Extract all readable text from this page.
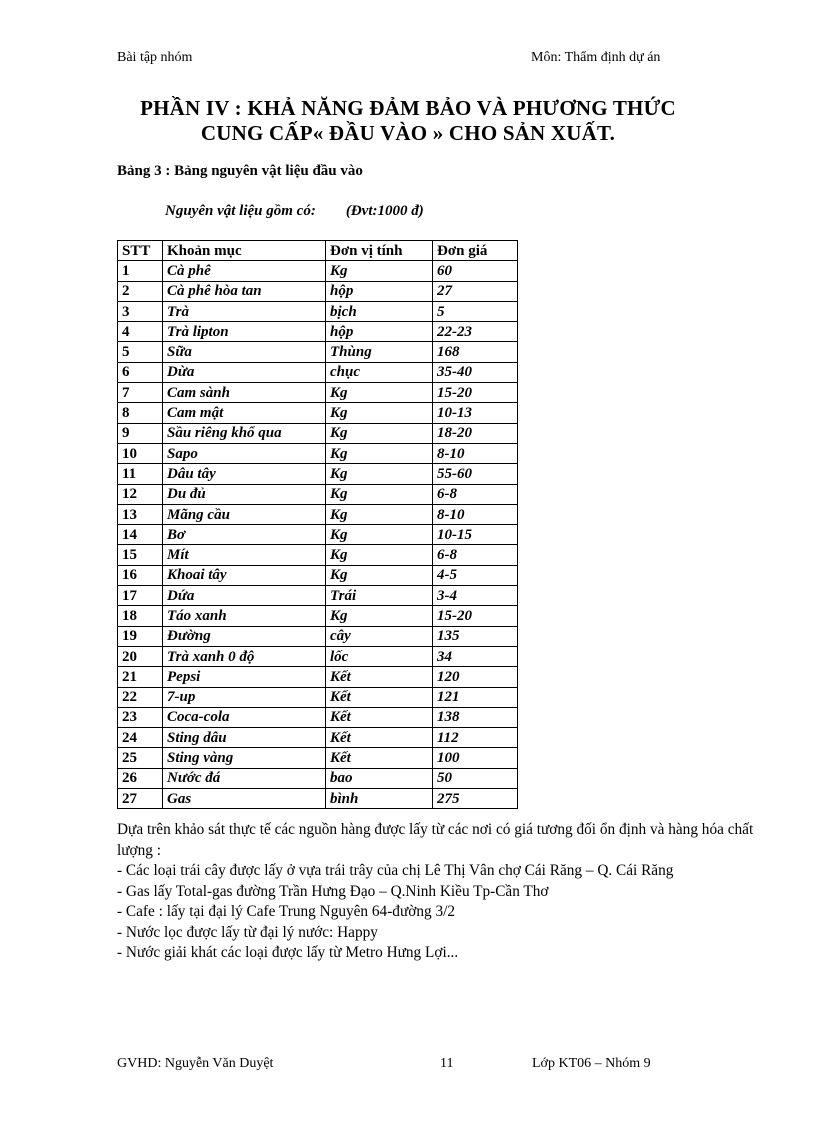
Bài tập nhóm	Môn: Thẩm định dự án
PHẦN IV : KHẢ NĂNG ĐẢM BẢO VÀ PHƯƠNG THỨC
CUNG CẤP« ĐẦU VÀO » CHO SẢN XUẤT.
Bảng 3 : Bảng nguyên vật liệu đầu vào
Nguyên vật liệu gồm có: (Đvt:1000 đ)
STT	Khoản mục	Đơn vị tính	Đơn giá
1	Cà phê	Kg	60
2	Cà phê hòa tan	hộp	27
3	Trà	bịch	5
4	Trà lipton	hộp	22-23
5	Sữa	Thùng	168
6	Dừa	chục	35-40
7	Cam sành	Kg	15-20
8	Cam mật	Kg	10-13
9	Sầu riêng khổ qua	Kg	18-20
10	Sapo	Kg	8-10
11	Dâu tây	Kg	55-60
12	Du đủ	Kg	6-8
13	Mãng cầu	Kg	8-10
14	Bơ	Kg	10-15
15	Mít	Kg	6-8
16	Khoai tây	Kg	4-5
17	Dứa	Trái	3-4
18	Táo xanh	Kg	15-20
19	Đường	cây	135
20	Trà xanh 0 độ	lốc	34
21	Pepsi	Kết	120
22	7-up	Kết	121
23	Coca-cola	Kết	138
24	Sting dâu	Kết	112
25	Sting vàng	Kết	100
26	Nước đá	bao	50
27	Gas	bình	275

Dựa trên khảo sát thực tế các nguồn hàng được lấy từ các nơi có giá tương đối ổn định và hàng hóa chất lượng :

- Các loại trái cây được lấy ở vựa trái trây của chị Lê Thị Vân chợ Cái Răng – Q. Cái Răng

- Gas lấy Total-gas đường Trần Hưng Đạo – Q.Ninh Kiều Tp-Cần Thơ

- Cafe : lấy tại đại lý Cafe Trung Nguyên 64-đường 3/2

- Nước lọc được lấy từ đại lý nước: Happy

- Nước giải khát các loại được lấy từ Metro Hưng Lợi...

GVHD: Nguyễn Văn Duyệt	11	Lớp KT06 – Nhóm 9
